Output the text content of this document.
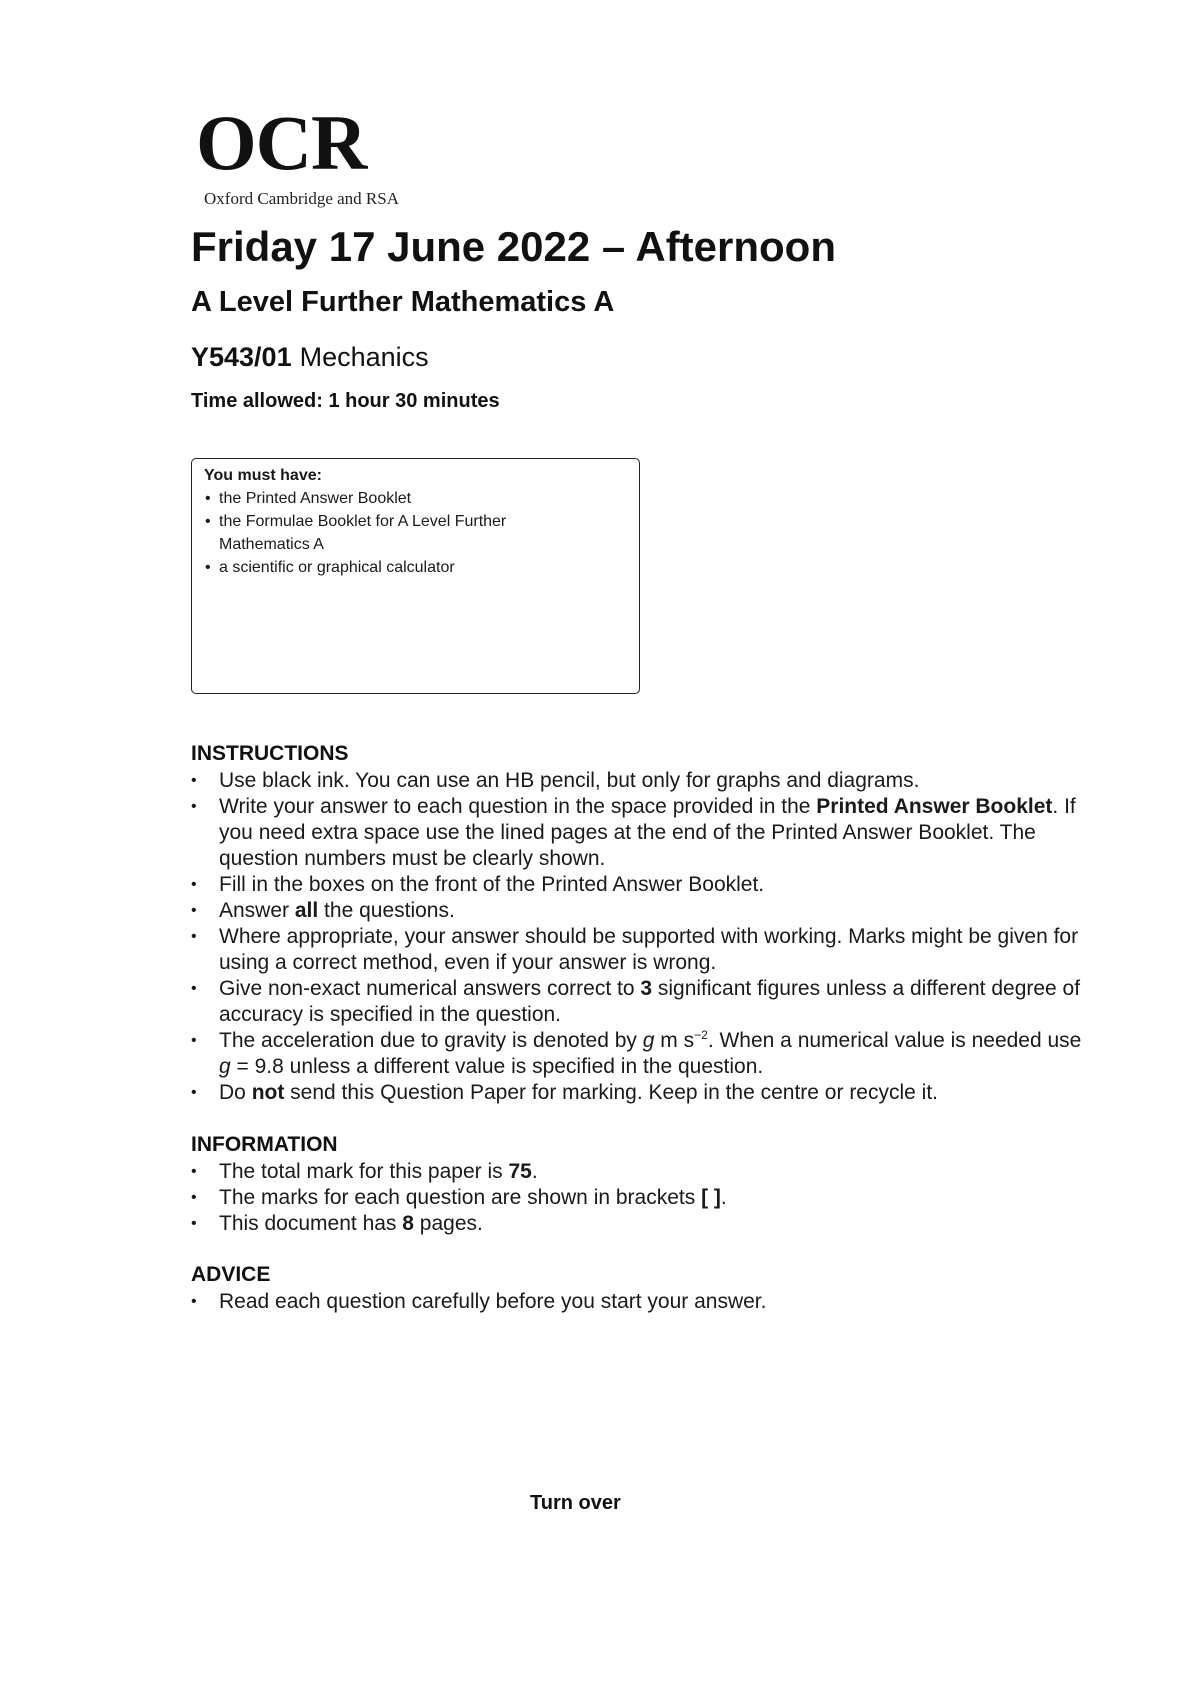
OCR
Oxford Cambridge and RSA
Friday 17 June 2022 – Afternoon
A Level Further Mathematics A
Y543/01 Mechanics
Time allowed: 1 hour 30 minutes
You must have:
• the Printed Answer Booklet
• the Formulae Booklet for A Level Further Mathematics A
• a scientific or graphical calculator
INSTRUCTIONS
• Use black ink. You can use an HB pencil, but only for graphs and diagrams.
• Write your answer to each question in the space provided in the Printed Answer Booklet. If you need extra space use the lined pages at the end of the Printed Answer Booklet. The question numbers must be clearly shown.
• Fill in the boxes on the front of the Printed Answer Booklet.
• Answer all the questions.
• Where appropriate, your answer should be supported with working. Marks might be given for using a correct method, even if your answer is wrong.
• Give non-exact numerical answers correct to 3 significant figures unless a different degree of accuracy is specified in the question.
• The acceleration due to gravity is denoted by g m $s^{-2}$. When a numerical value is needed use g = 9.8 unless a different value is specified in the question.
• Do not send this Question Paper for marking. Keep in the centre or recycle it.
INFORMATION
• The total mark for this paper is 75.
• The marks for each question are shown in brackets [ ].
• This document has 8 pages.
ADVICE
• Read each question carefully before you start your answer.
Turn over
